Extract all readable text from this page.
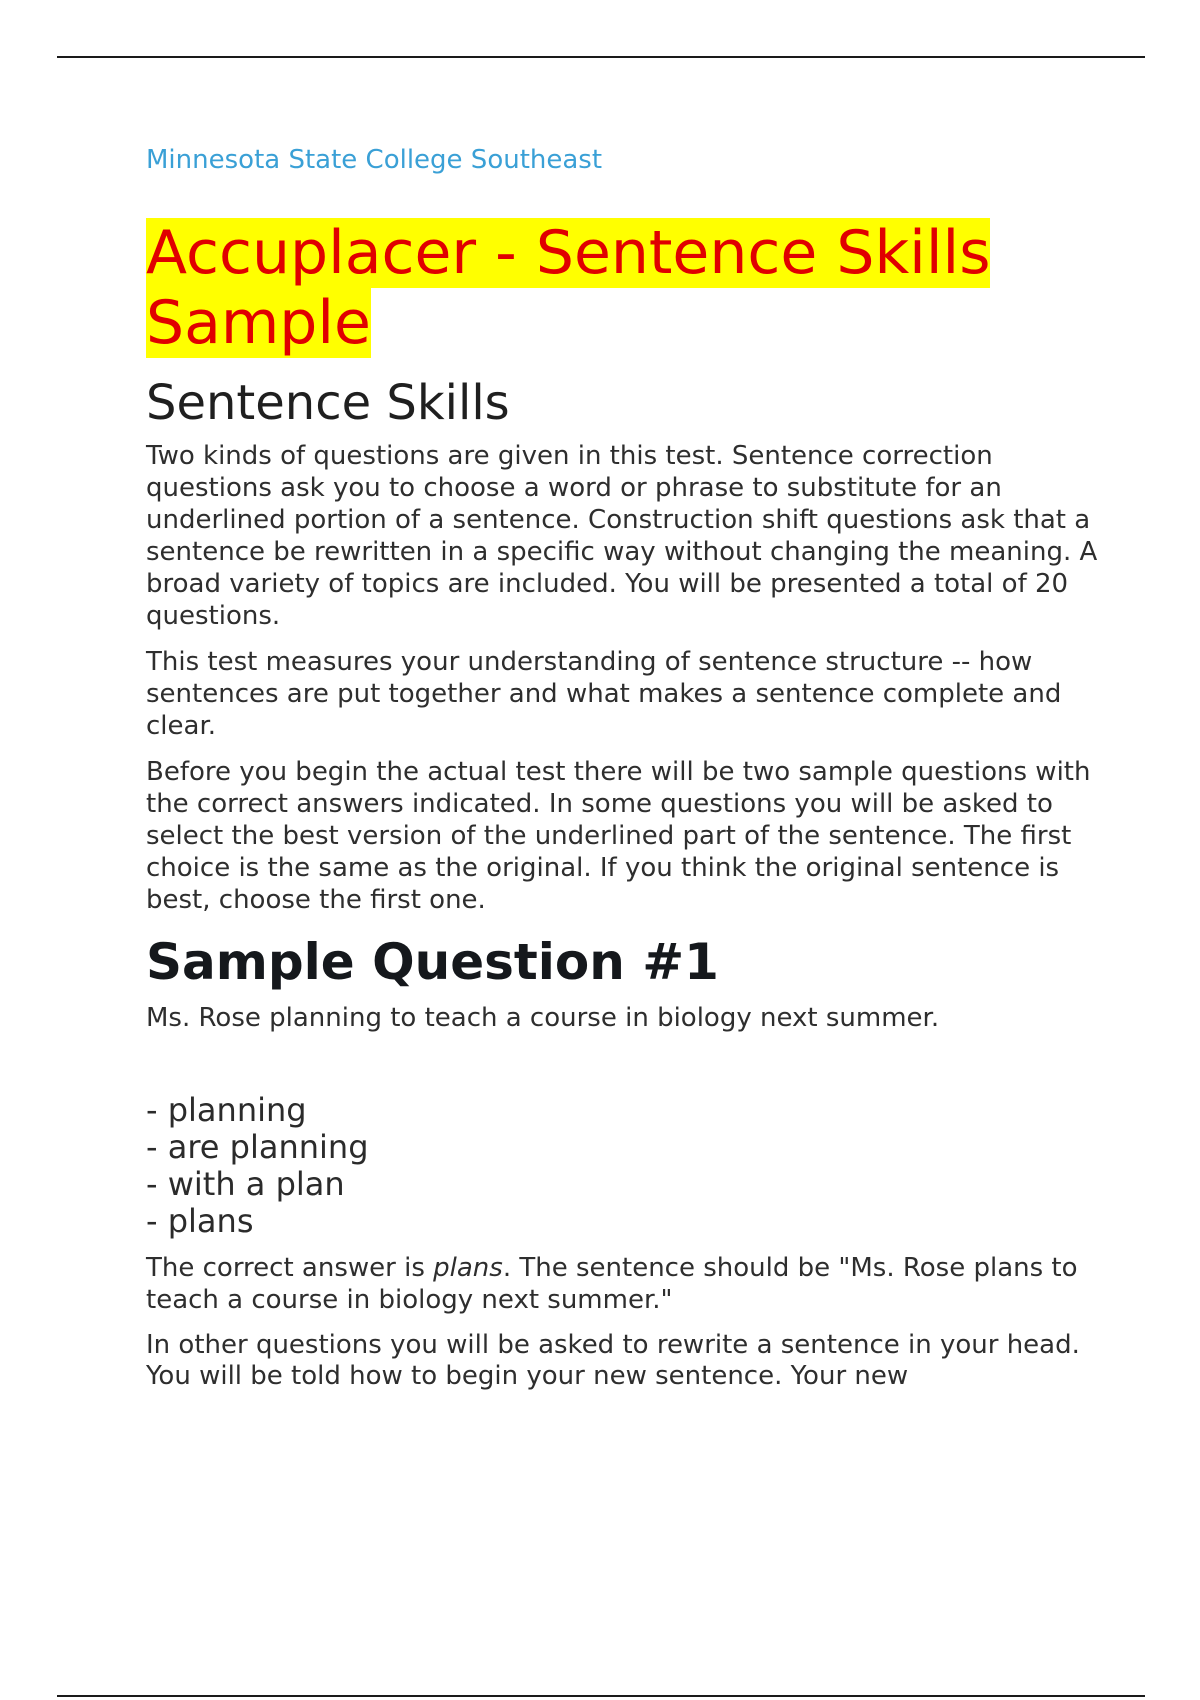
Minnesota State College Southeast

Accuplacer - Sentence Skills Sample
Sentence Skills

Two kinds of questions are given in this test. Sentence correction questions ask you to choose a word or phrase to substitute for an underlined portion of a sentence. Construction shift questions ask that a sentence be rewritten in a specific way without changing the meaning. A broad variety of topics are included. You will be presented a total of 20 questions.

This test measures your understanding of sentence structure -- how sentences are put together and what makes a sentence complete and clear.

Before you begin the actual test there will be two sample questions with the correct answers indicated. In some questions you will be asked to select the best version of the underlined part of the sentence. The first choice is the same as the original. If you think the original sentence is best, choose the first one.

Sample Question #1

Ms. Rose planning to teach a course in biology next summer.

- planning
- are planning
- with a plan
- plans

The correct answer is plans. The sentence should be "Ms. Rose plans to teach a course in biology next summer."

In other questions you will be asked to rewrite a sentence in your head. You will be told how to begin your new sentence. Your new
